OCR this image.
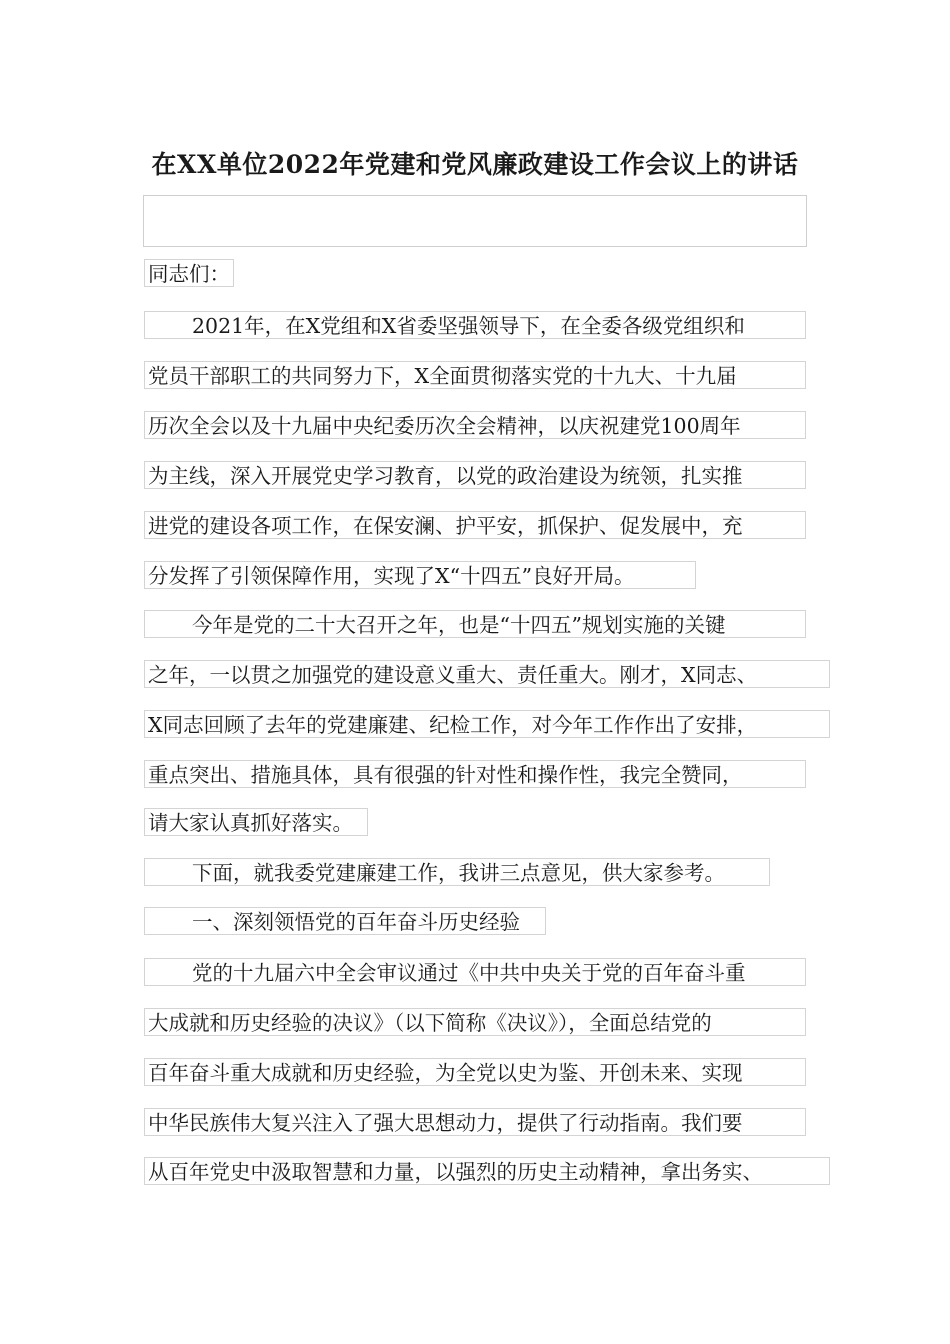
在XX单位2022年党建和党风廉政建设工作会议上的讲话
同志们：
2021年，在X党组和X省委坚强领导下，在全委各级党组织和
党员干部职工的共同努力下，X全面贯彻落实党的十九大、十九届
历次全会以及十九届中央纪委历次全会精神，以庆祝建党100周年
为主线，深入开展党史学习教育，以党的政治建设为统领，扎实推
进党的建设各项工作，在保安澜、护平安，抓保护、促发展中，充
分发挥了引领保障作用，实现了X“十四五”良好开局。
今年是党的二十大召开之年，也是“十四五”规划实施的关键
之年，一以贯之加强党的建设意义重大、责任重大。刚才，X同志、
X同志回顾了去年的党建廉建、纪检工作，对今年工作作出了安排，
重点突出、措施具体，具有很强的针对性和操作性，我完全赞同，
请大家认真抓好落实。
下面，就我委党建廉建工作，我讲三点意见，供大家参考。
一、深刻领悟党的百年奋斗历史经验
党的十九届六中全会审议通过《中共中央关于党的百年奋斗重
大成就和历史经验的决议》（以下简称《决议》），全面总结党的
百年奋斗重大成就和历史经验，为全党以史为鉴、开创未来、实现
中华民族伟大复兴注入了强大思想动力，提供了行动指南。我们要
从百年党史中汲取智慧和力量，以强烈的历史主动精神，拿出务实、
